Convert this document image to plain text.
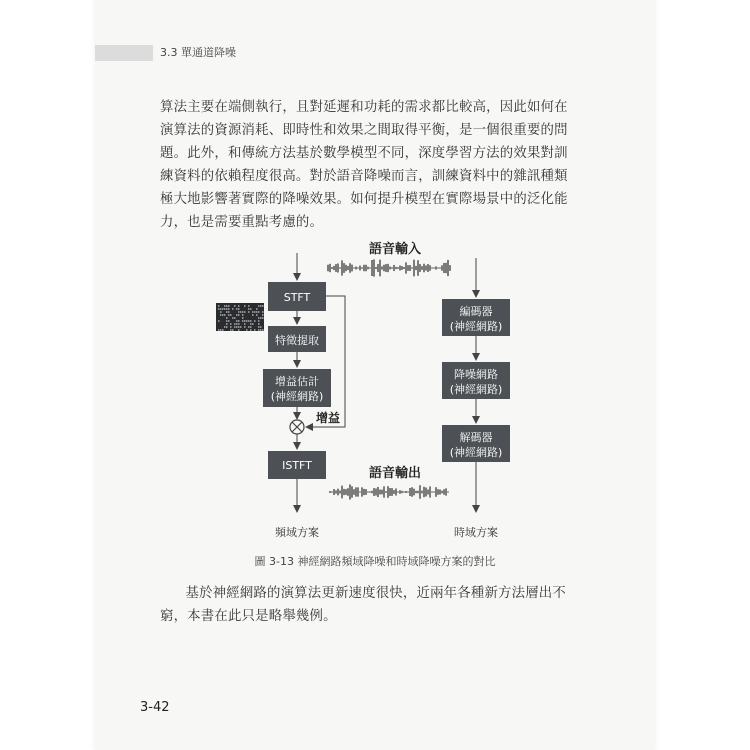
3.3 單通道降噪

算法主要在端側執行，且對延遲和功耗的需求都比較高，因此如何在演算法的資源消耗、即時性和效果之間取得平衡，是一個很重要的問題。此外，和傳統方法基於數學模型不同，深度學習方法的效果對訓練資料的依賴程度很高。對於語音降噪而言，訓練資料中的雜訊種類極大地影響著實際的降噪效果。如何提升模型在實際場景中的泛化能力，也是需要重點考慮的。

語音輸入
語音輸出
STFT
特徵提取
增益估計
(神經網路)
增益
ISTFT
頻域方案
編碼器
(神經網路)
降噪網路
(神經網路)
解碼器
(神經網路)
時域方案
圖 3-13 神經網路頻域降噪和時域降噪方案的對比

基於神經網路的演算法更新速度很快，近兩年各種新方法層出不窮，本書在此只是略舉幾例。

3-42
